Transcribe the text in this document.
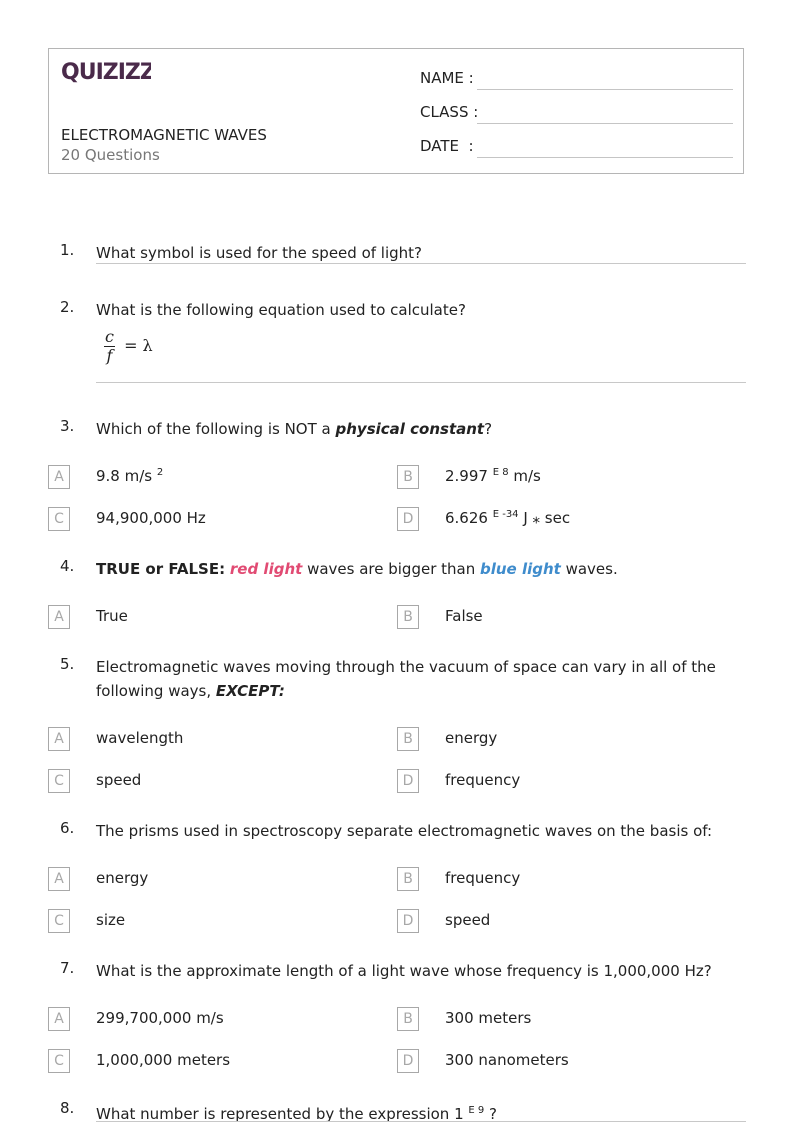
QUIZIZZ
ELECTROMAGNETIC WAVES
20 Questions
NAME :
CLASS :
DATE  :
1. What symbol is used for the speed of light?
2. What is the following equation used to calculate?
$\frac{c}{f} = \lambda$
3. Which of the following is NOT a physical constant?
A	9.8 m/s $^2$	B	2.997 $^{E 8}$ m/s
C	94,900,000 Hz	D	6.626 $^{E -34}$ J ⁎ sec
4. TRUE or FALSE: red light waves are bigger than blue light waves.
A	True	B	False
5. Electromagnetic waves moving through the vacuum of space can vary in all of the following ways, EXCEPT:
A	wavelength	B	energy
C	speed	D	frequency
6. The prisms used in spectroscopy separate electromagnetic waves on the basis of:
A	energy	B	frequency
C	size	D	speed
7. What is the approximate length of a light wave whose frequency is 1,000,000 Hz?
A	299,700,000 m/s	B	300 meters
C	1,000,000 meters	D	300 nanometers
8. What number is represented by the expression 1 $^{E 9}$ ?
